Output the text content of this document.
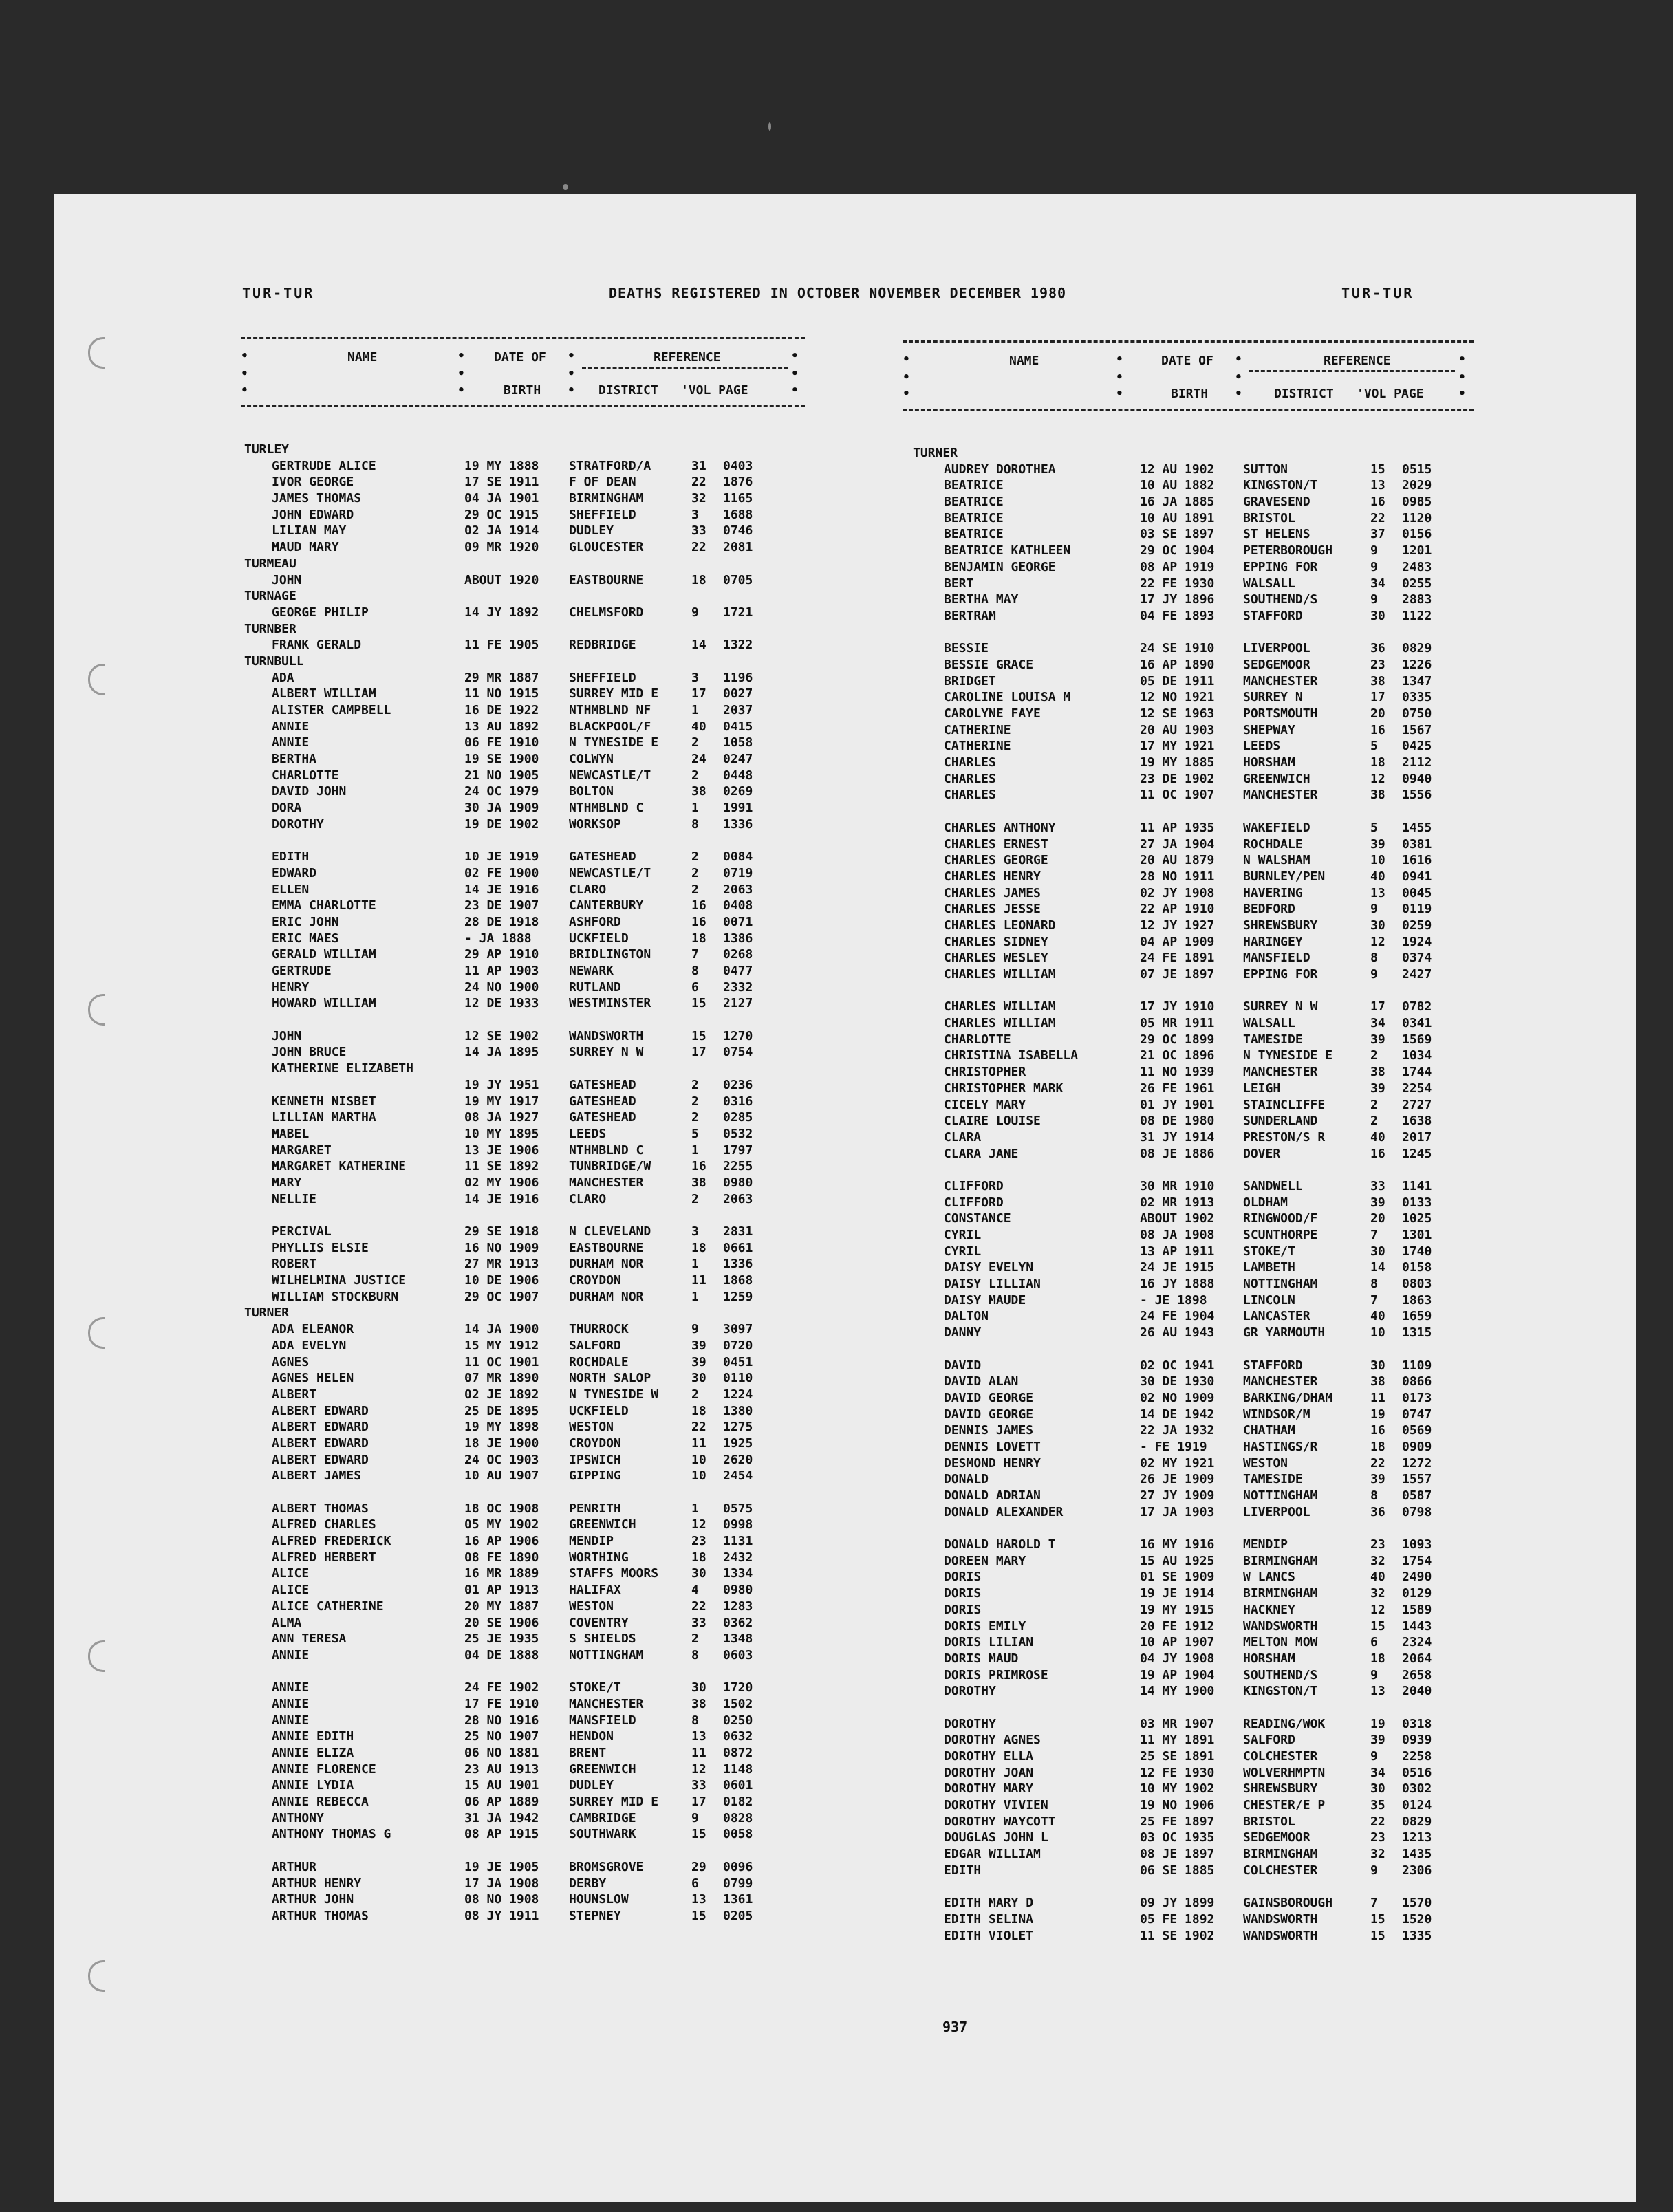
TUR-TUR	DEATHS REGISTERED IN OCTOBER NOVEMBER DECEMBER 1980	TUR-TUR
•
•
•
NAME	•
•
•
DATE OF
BIRTH
•
•
•
REFERENCE
DISTRICT 'VOL PAGE
•
•
•
TURLEY
GERTRUDE ALICE	19 MY 1888	STRATFORD/A	31	0403
IVOR GEORGE	17 SE 1911	F OF DEAN	22	1876
JAMES THOMAS	04 JA 1901	BIRMINGHAM	32	1165
JOHN EDWARD	29 OC 1915	SHEFFIELD	3	1688
LILIAN MAY	02 JA 1914	DUDLEY	33	0746
MAUD MARY	09 MR 1920	GLOUCESTER	22	2081
TURMEAU
JOHN	ABOUT 1920	EASTBOURNE	18	0705
TURNAGE
GEORGE PHILIP	14 JY 1892	CHELMSFORD	9	1721
TURNBER
FRANK GERALD	11 FE 1905	REDBRIDGE	14	1322
TURNBULL
ADA	29 MR 1887	SHEFFIELD	3	1196
ALBERT WILLIAM	11 NO 1915	SURREY MID E	17	0027
ALISTER CAMPBELL	16 DE 1922	NTHMBLND NF	1	2037
ANNIE	13 AU 1892	BLACKPOOL/F	40	0415
ANNIE	06 FE 1910	N TYNESIDE E	2	1058
BERTHA	19 SE 1900	COLWYN	24	0247
CHARLOTTE	21 NO 1905	NEWCASTLE/T	2	0448
DAVID JOHN	24 OC 1979	BOLTON	38	0269
DORA	30 JA 1909	NTHMBLND C	1	1991
DOROTHY	19 DE 1902	WORKSOP	8	1336
EDITH	10 JE 1919	GATESHEAD	2	0084
EDWARD	02 FE 1900	NEWCASTLE/T	2	0719
ELLEN	14 JE 1916	CLARO	2	2063
EMMA CHARLOTTE	23 DE 1907	CANTERBURY	16	0408
ERIC JOHN	28 DE 1918	ASHFORD	16	0071
ERIC MAES	- JA 1888	UCKFIELD	18	1386
GERALD WILLIAM	29 AP 1910	BRIDLINGTON	7	0268
GERTRUDE	11 AP 1903	NEWARK	8	0477
HENRY	24 NO 1900	RUTLAND	6	2332
HOWARD WILLIAM	12 DE 1933	WESTMINSTER	15	2127
JOHN	12 SE 1902	WANDSWORTH	15	1270
JOHN BRUCE	14 JA 1895	SURREY N W	17	0754
KATHERINE ELIZABETH
19 JY 1951	GATESHEAD	2	0236
KENNETH NISBET	19 MY 1917	GATESHEAD	2	0316
LILLIAN MARTHA	08 JA 1927	GATESHEAD	2	0285
MABEL	10 MY 1895	LEEDS	5	0532
MARGARET	13 JE 1906	NTHMBLND C	1	1797
MARGARET KATHERINE	11 SE 1892	TUNBRIDGE/W	16	2255
MARY	02 MY 1906	MANCHESTER	38	0980
NELLIE	14 JE 1916	CLARO	2	2063
PERCIVAL	29 SE 1918	N CLEVELAND	3	2831
PHYLLIS ELSIE	16 NO 1909	EASTBOURNE	18	0661
ROBERT	27 MR 1913	DURHAM NOR	1	1336
WILHELMINA JUSTICE	10 DE 1906	CROYDON	11	1868
WILLIAM STOCKBURN	29 OC 1907	DURHAM NOR	1	1259
TURNER
ADA ELEANOR	14 JA 1900	THURROCK	9	3097
ADA EVELYN	15 MY 1912	SALFORD	39	0720
AGNES	11 OC 1901	ROCHDALE	39	0451
AGNES HELEN	07 MR 1890	NORTH SALOP	30	0110
ALBERT	02 JE 1892	N TYNESIDE W	2	1224
ALBERT EDWARD	25 DE 1895	UCKFIELD	18	1380
ALBERT EDWARD	19 MY 1898	WESTON	22	1275
ALBERT EDWARD	18 JE 1900	CROYDON	11	1925
ALBERT EDWARD	24 OC 1903	IPSWICH	10	2620
ALBERT JAMES	10 AU 1907	GIPPING	10	2454
ALBERT THOMAS	18 OC 1908	PENRITH	1	0575
ALFRED CHARLES	05 MY 1902	GREENWICH	12	0998
ALFRED FREDERICK	16 AP 1906	MENDIP	23	1131
ALFRED HERBERT	08 FE 1890	WORTHING	18	2432
ALICE	16 MR 1889	STAFFS MOORS	30	1334
ALICE	01 AP 1913	HALIFAX	4	0980
ALICE CATHERINE	20 MY 1887	WESTON	22	1283
ALMA	20 SE 1906	COVENTRY	33	0362
ANN TERESA	25 JE 1935	S SHIELDS	2	1348
ANNIE	04 DE 1888	NOTTINGHAM	8	0603
ANNIE	24 FE 1902	STOKE/T	30	1720
ANNIE	17 FE 1910	MANCHESTER	38	1502
ANNIE	28 NO 1916	MANSFIELD	8	0250
ANNIE EDITH	25 NO 1907	HENDON	13	0632
ANNIE ELIZA	06 NO 1881	BRENT	11	0872
ANNIE FLORENCE	23 AU 1913	GREENWICH	12	1148
ANNIE LYDIA	15 AU 1901	DUDLEY	33	0601
ANNIE REBECCA	06 AP 1889	SURREY MID E	17	0182
ANTHONY	31 JA 1942	CAMBRIDGE	9	0828
ANTHONY THOMAS G	08 AP 1915	SOUTHWARK	15	0058
ARTHUR	19 JE 1905	BROMSGROVE	29	0096
ARTHUR HENRY	17 JA 1908	DERBY	6	0799
ARTHUR JOHN	08 NO 1908	HOUNSLOW	13	1361
ARTHUR THOMAS	08 JY 1911	STEPNEY	15	0205
•
•
•
NAME	•
•
•
DATE OF
BIRTH
•
•
•
REFERENCE
DISTRICT 'VOL PAGE
•
•
•
TURNER
AUDREY DOROTHEA	12 AU 1902	SUTTON	15	0515
BEATRICE	10 AU 1882	KINGSTON/T	13	2029
BEATRICE	16 JA 1885	GRAVESEND	16	0985
BEATRICE	10 AU 1891	BRISTOL	22	1120
BEATRICE	03 SE 1897	ST HELENS	37	0156
BEATRICE KATHLEEN	29 OC 1904	PETERBOROUGH	9	1201
BENJAMIN GEORGE	08 AP 1919	EPPING FOR	9	2483
BERT	22 FE 1930	WALSALL	34	0255
BERTHA MAY	17 JY 1896	SOUTHEND/S	9	2883
BERTRAM	04 FE 1893	STAFFORD	30	1122
BESSIE	24 SE 1910	LIVERPOOL	36	0829
BESSIE GRACE	16 AP 1890	SEDGEMOOR	23	1226
BRIDGET	05 DE 1911	MANCHESTER	38	1347
CAROLINE LOUISA M	12 NO 1921	SURREY N	17	0335
CAROLYNE FAYE	12 SE 1963	PORTSMOUTH	20	0750
CATHERINE	20 AU 1903	SHEPWAY	16	1567
CATHERINE	17 MY 1921	LEEDS	5	0425
CHARLES	19 MY 1885	HORSHAM	18	2112
CHARLES	23 DE 1902	GREENWICH	12	0940
CHARLES	11 OC 1907	MANCHESTER	38	1556
CHARLES ANTHONY	11 AP 1935	WAKEFIELD	5	1455
CHARLES ERNEST	27 JA 1904	ROCHDALE	39	0381
CHARLES GEORGE	20 AU 1879	N WALSHAM	10	1616
CHARLES HENRY	28 NO 1911	BURNLEY/PEN	40	0941
CHARLES JAMES	02 JY 1908	HAVERING	13	0045
CHARLES JESSE	22 AP 1910	BEDFORD	9	0119
CHARLES LEONARD	12 JY 1927	SHREWSBURY	30	0259
CHARLES SIDNEY	04 AP 1909	HARINGEY	12	1924
CHARLES WESLEY	24 FE 1891	MANSFIELD	8	0374
CHARLES WILLIAM	07 JE 1897	EPPING FOR	9	2427
CHARLES WILLIAM	17 JY 1910	SURREY N W	17	0782
CHARLES WILLIAM	05 MR 1911	WALSALL	34	0341
CHARLOTTE	29 OC 1899	TAMESIDE	39	1569
CHRISTINA ISABELLA	21 OC 1896	N TYNESIDE E	2	1034
CHRISTOPHER	11 NO 1939	MANCHESTER	38	1744
CHRISTOPHER MARK	26 FE 1961	LEIGH	39	2254
CICELY MARY	01 JY 1901	STAINCLIFFE	2	2727
CLAIRE LOUISE	08 DE 1980	SUNDERLAND	2	1638
CLARA	31 JY 1914	PRESTON/S R	40	2017
CLARA JANE	08 JE 1886	DOVER	16	1245
CLIFFORD	30 MR 1910	SANDWELL	33	1141
CLIFFORD	02 MR 1913	OLDHAM	39	0133
CONSTANCE	ABOUT 1902	RINGWOOD/F	20	1025
CYRIL	08 JA 1908	SCUNTHORPE	7	1301
CYRIL	13 AP 1911	STOKE/T	30	1740
DAISY EVELYN	24 JE 1915	LAMBETH	14	0158
DAISY LILLIAN	16 JY 1888	NOTTINGHAM	8	0803
DAISY MAUDE	- JE 1898	LINCOLN	7	1863
DALTON	24 FE 1904	LANCASTER	40	1659
DANNY	26 AU 1943	GR YARMOUTH	10	1315
DAVID	02 OC 1941	STAFFORD	30	1109
DAVID ALAN	30 DE 1930	MANCHESTER	38	0866
DAVID GEORGE	02 NO 1909	BARKING/DHAM	11	0173
DAVID GEORGE	14 DE 1942	WINDSOR/M	19	0747
DENNIS JAMES	22 JA 1932	CHATHAM	16	0569
DENNIS LOVETT	- FE 1919	HASTINGS/R	18	0909
DESMOND HENRY	02 MY 1921	WESTON	22	1272
DONALD	26 JE 1909	TAMESIDE	39	1557
DONALD ADRIAN	27 JY 1909	NOTTINGHAM	8	0587
DONALD ALEXANDER	17 JA 1903	LIVERPOOL	36	0798
DONALD HAROLD T	16 MY 1916	MENDIP	23	1093
DOREEN MARY	15 AU 1925	BIRMINGHAM	32	1754
DORIS	01 SE 1909	W LANCS	40	2490
DORIS	19 JE 1914	BIRMINGHAM	32	0129
DORIS	19 MY 1915	HACKNEY	12	1589
DORIS EMILY	20 FE 1912	WANDSWORTH	15	1443
DORIS LILIAN	10 AP 1907	MELTON MOW	6	2324
DORIS MAUD	04 JY 1908	HORSHAM	18	2064
DORIS PRIMROSE	19 AP 1904	SOUTHEND/S	9	2658
DOROTHY	14 MY 1900	KINGSTON/T	13	2040
DOROTHY	03 MR 1907	READING/WOK	19	0318
DOROTHY AGNES	11 MY 1891	SALFORD	39	0939
DOROTHY ELLA	25 SE 1891	COLCHESTER	9	2258
DOROTHY JOAN	12 FE 1930	WOLVERHMPTN	34	0516
DOROTHY MARY	10 MY 1902	SHREWSBURY	30	0302
DOROTHY VIVIEN	19 NO 1906	CHESTER/E P	35	0124
DOROTHY WAYCOTT	25 FE 1897	BRISTOL	22	0829
DOUGLAS JOHN L	03 OC 1935	SEDGEMOOR	23	1213
EDGAR WILLIAM	08 JE 1897	BIRMINGHAM	32	1435
EDITH	06 SE 1885	COLCHESTER	9	2306
EDITH MARY D	09 JY 1899	GAINSBOROUGH	7	1570
EDITH SELINA	05 FE 1892	WANDSWORTH	15	1520
EDITH VIOLET	11 SE 1902	WANDSWORTH	15	1335
937
